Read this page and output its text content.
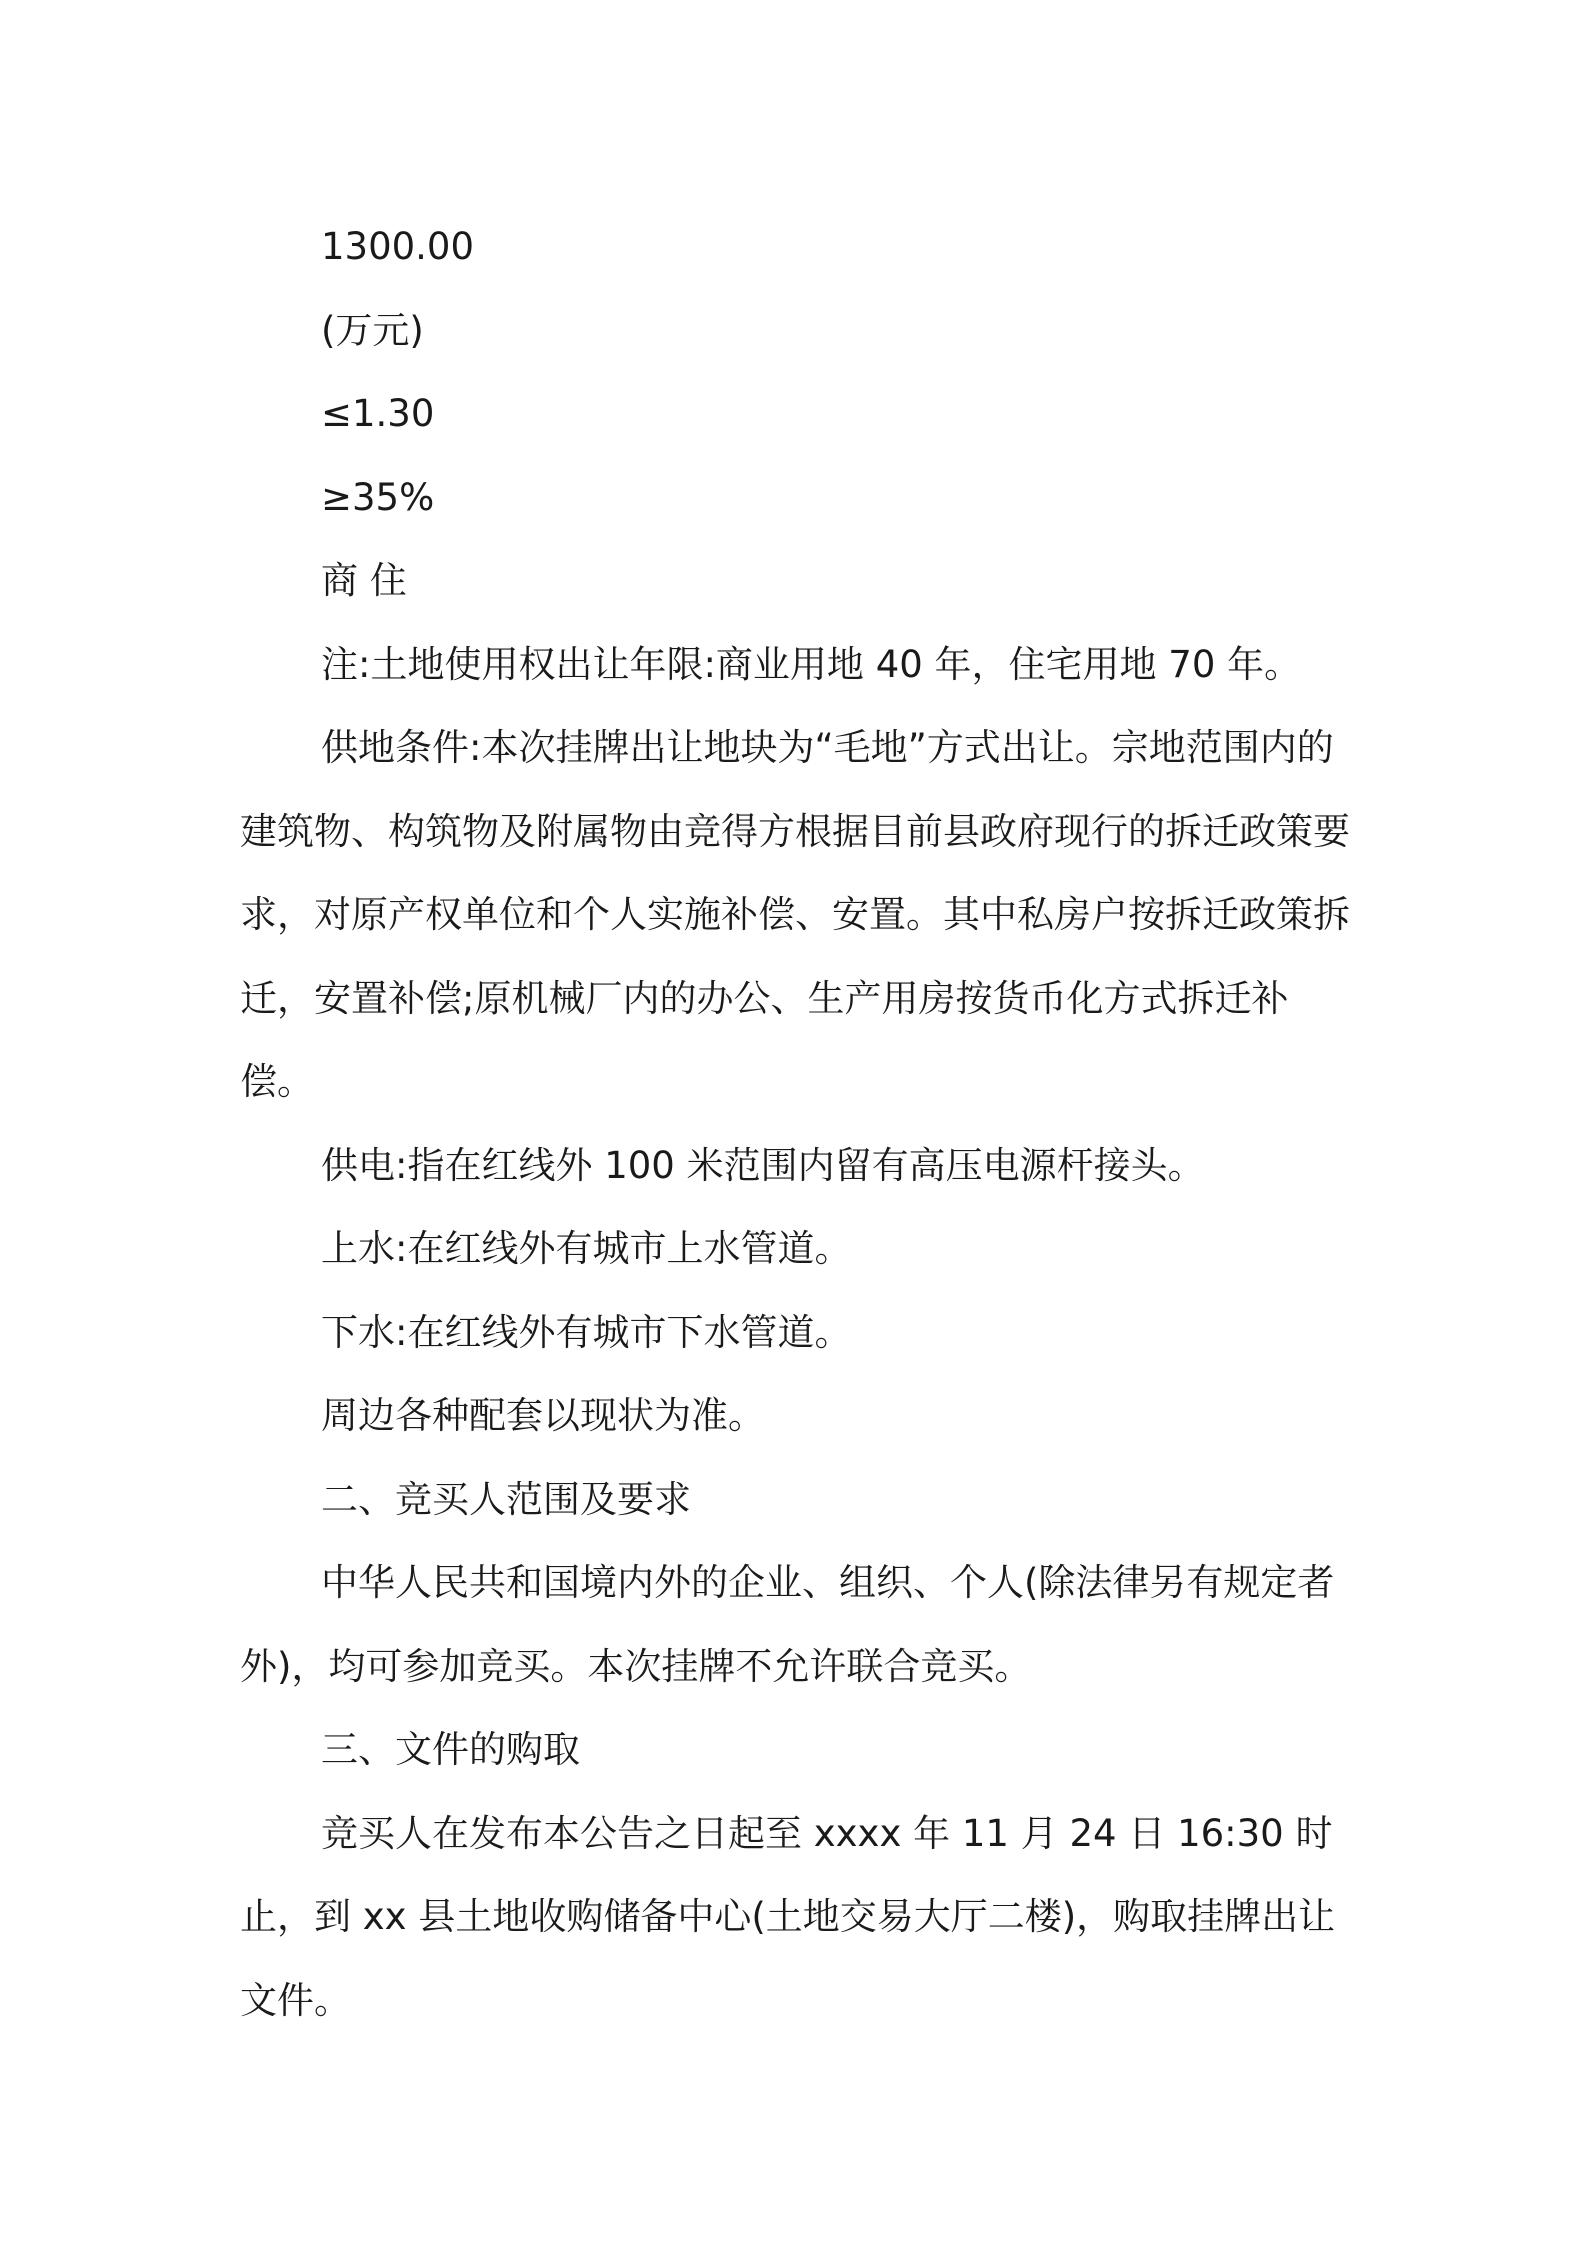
1300.00

(万元)

≤1.30

≥35%

商 住

注:土地使用权出让年限:商业用地 40 年，住宅用地 70 年。

供地条件:本次挂牌出让地块为“毛地”方式出让。宗地范围内的建筑物、构筑物及附属物由竞得方根据目前县政府现行的拆迁政策要求，对原产权单位和个人实施补偿、安置。其中私房户按拆迁政策拆迁，安置补偿;原机械厂内的办公、生产用房按货币化方式拆迁补偿。

供电:指在红线外 100 米范围内留有高压电源杆接头。

上水:在红线外有城市上水管道。

下水:在红线外有城市下水管道。

周边各种配套以现状为准。

二、竞买人范围及要求

中华人民共和国境内外的企业、组织、个人(除法律另有规定者外)，均可参加竞买。本次挂牌不允许联合竞买。

三、文件的购取

竞买人在发布本公告之日起至 xxxx 年 11 月 24 日 16:30 时止，到 xx 县土地收购储备中心(土地交易大厅二楼)，购取挂牌出让文件。
